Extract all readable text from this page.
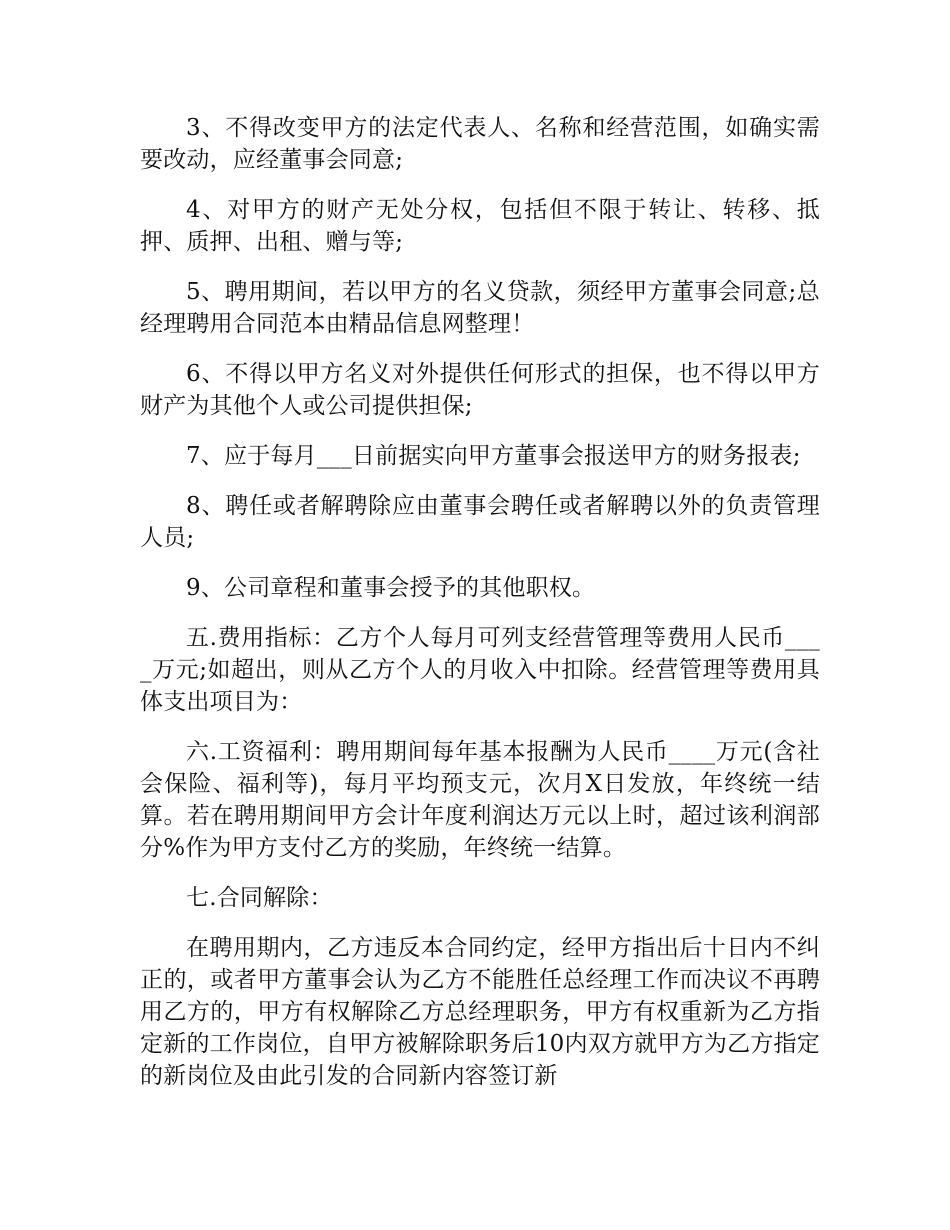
3、不得改变甲方的法定代表人、名称和经营范围，如确实需要改动，应经董事会同意;

4、对甲方的财产无处分权，包括但不限于转让、转移、抵押、质押、出租、赠与等;

5、聘用期间，若以甲方的名义贷款，须经甲方董事会同意;总经理聘用合同范本由精品信息网整理！

6、不得以甲方名义对外提供任何形式的担保，也不得以甲方财产为其他个人或公司提供担保;

7、应于每月___日前据实向甲方董事会报送甲方的财务报表;

8、聘任或者解聘除应由董事会聘任或者解聘以外的负责管理人员;

9、公司章程和董事会授予的其他职权。

五.费用指标：乙方个人每月可列支经营管理等费用人民币____万元;如超出，则从乙方个人的月收入中扣除。经营管理等费用具体支出项目为：

六.工资福利：聘用期间每年基本报酬为人民币____万元(含社会保险、福利等)，每月平均预支元，次月X日发放，年终统一结算。若在聘用期间甲方会计年度利润达万元以上时，超过该利润部分%作为甲方支付乙方的奖励，年终统一结算。

七.合同解除：

在聘用期内，乙方违反本合同约定，经甲方指出后十日内不纠正的，或者甲方董事会认为乙方不能胜任总经理工作而决议不再聘用乙方的，甲方有权解除乙方总经理职务，甲方有权重新为乙方指定新的工作岗位，自甲方被解除职务后10内双方就甲方为乙方指定的新岗位及由此引发的合同新内容签订新
